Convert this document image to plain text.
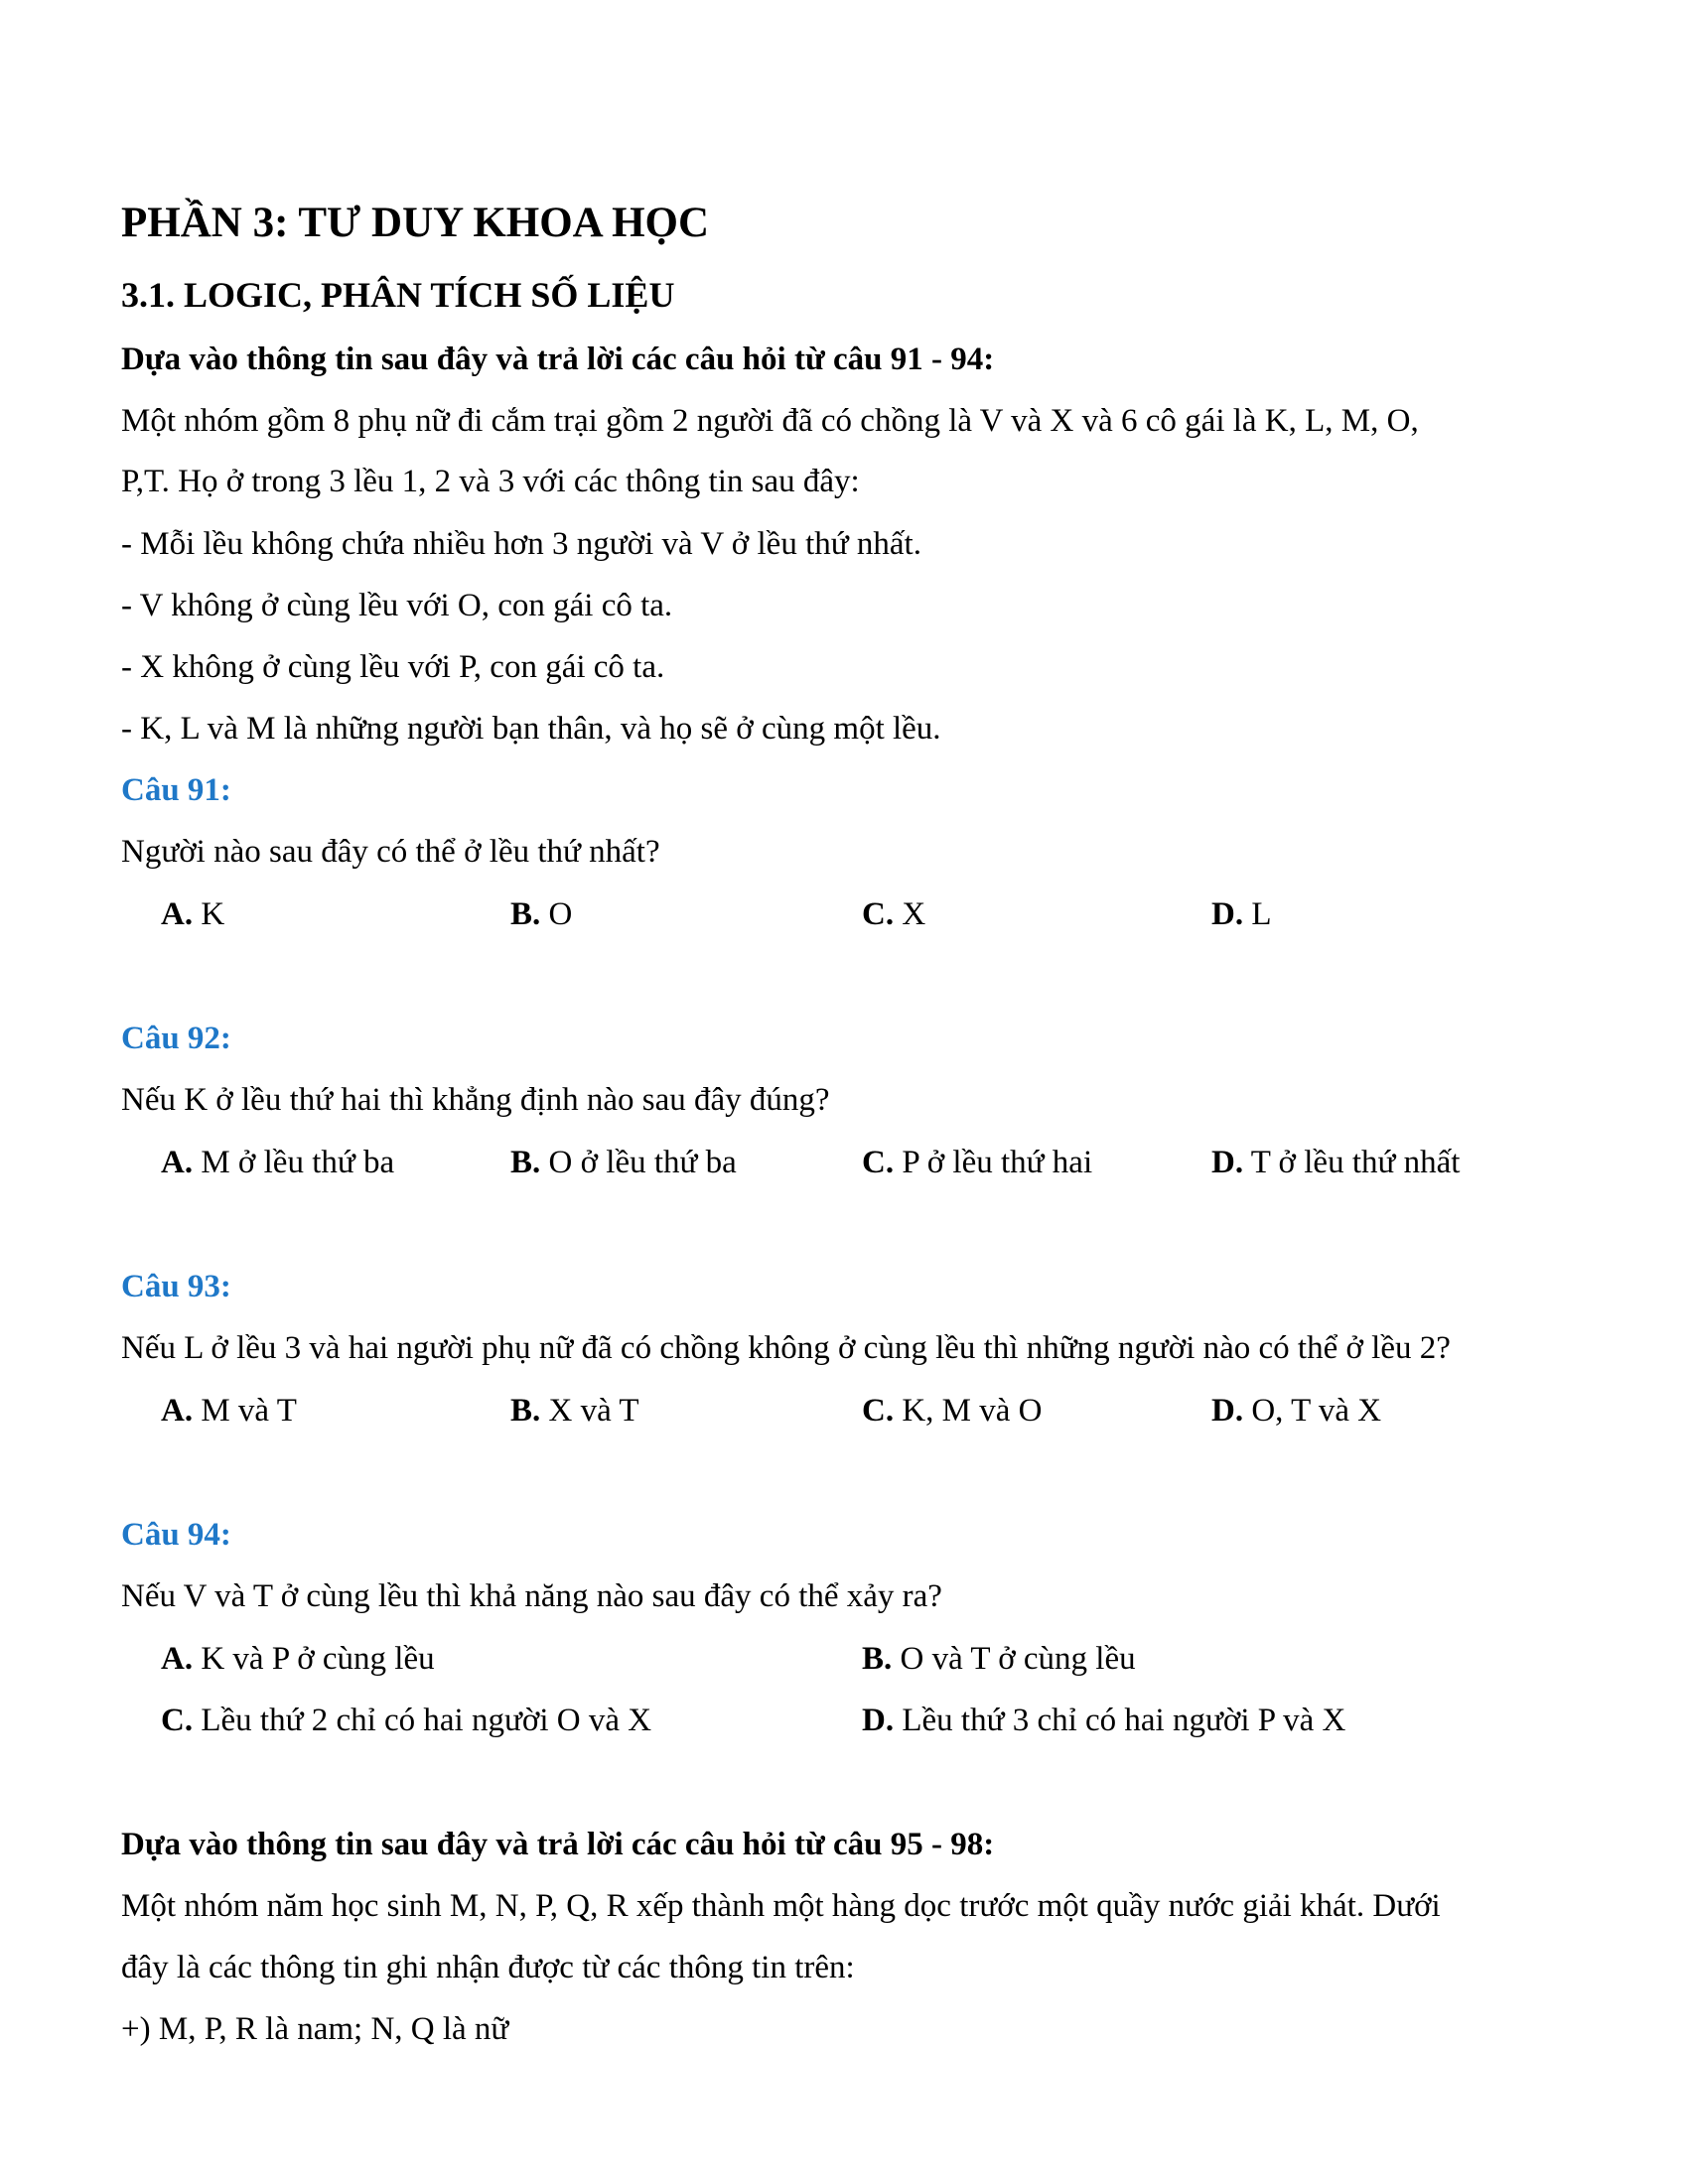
PHẦN 3: TƯ DUY KHOA HỌC
3.1. LOGIC, PHÂN TÍCH SỐ LIỆU
Dựa vào thông tin sau đây và trả lời các câu hỏi từ câu 91 - 94:
Một nhóm gồm 8 phụ nữ đi cắm trại gồm 2 người đã có chồng là V và X và 6 cô gái là K, L, M, O,
P,T. Họ ở trong 3 lều 1, 2 và 3 với các thông tin sau đây:
- Mỗi lều không chứa nhiều hơn 3 người và V ở lều thứ nhất.
- V không ở cùng lều với O, con gái cô ta.
- X không ở cùng lều với P, con gái cô ta.
- K, L và M là những người bạn thân, và họ sẽ ở cùng một lều.
Câu 91:
Người nào sau đây có thể ở lều thứ nhất?
A. K	B. O	C. X	D. L
Câu 92:
Nếu K ở lều thứ hai thì khẳng định nào sau đây đúng?
A. M ở lều thứ ba	B. O ở lều thứ ba	C. P ở lều thứ hai	D. T ở lều thứ nhất
Câu 93:
Nếu L ở lều 3 và hai người phụ nữ đã có chồng không ở cùng lều thì những người nào có thể ở lều 2?
A. M và T	B. X và T	C. K, M và O	D. O, T và X
Câu 94:
Nếu V và T ở cùng lều thì khả năng nào sau đây có thể xảy ra?
A. K và P ở cùng lều	B. O và T ở cùng lều
C. Lều thứ 2 chỉ có hai người O và X	D. Lều thứ 3 chỉ có hai người P và X
Dựa vào thông tin sau đây và trả lời các câu hỏi từ câu 95 - 98:
Một nhóm năm học sinh M, N, P, Q, R xếp thành một hàng dọc trước một quầy nước giải khát. Dưới
đây là các thông tin ghi nhận được từ các thông tin trên:
+) M, P, R là nam; N, Q là nữ
